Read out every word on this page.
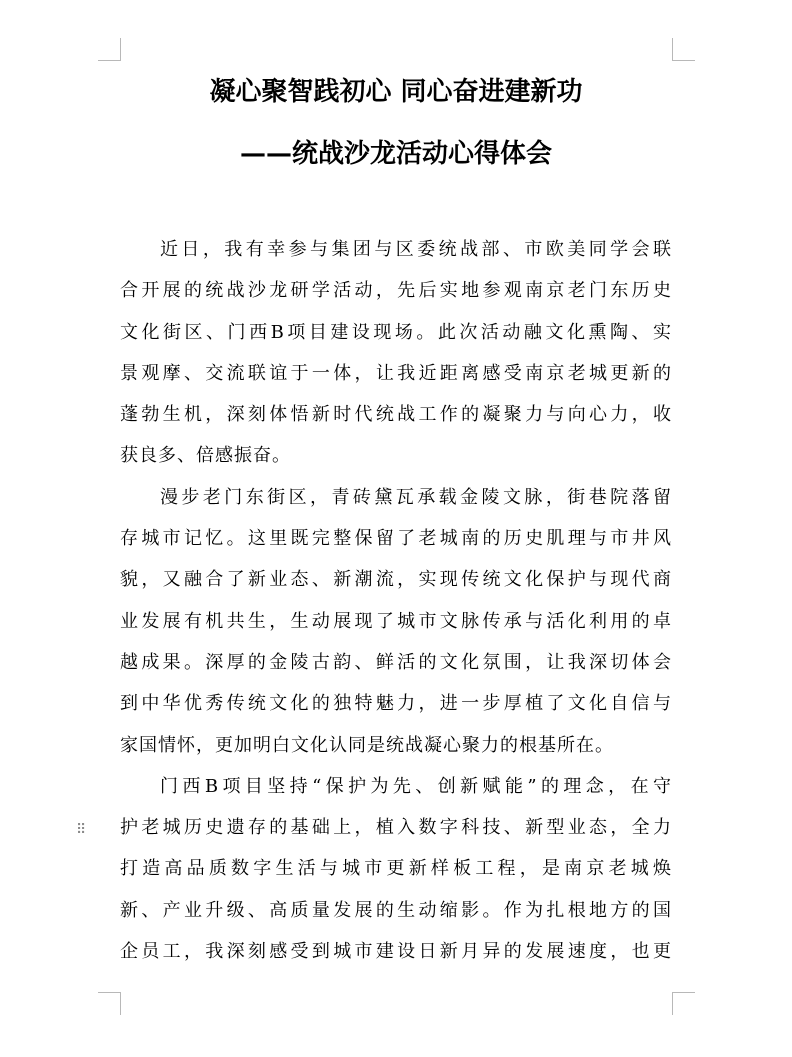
⠿
凝心聚智践初心 同心奋进建新功
——统战沙龙活动心得体会
近日，我有幸参与集团与区委统战部、市欧美同学会联
合开展的统战沙龙研学活动，先后实地参观南京老门东历史
文化街区、门西B项目建设现场。此次活动融文化熏陶、实
景观摩、交流联谊于一体，让我近距离感受南京老城更新的
蓬勃生机，深刻体悟新时代统战工作的凝聚力与向心力，收
获良多、倍感振奋。
漫步老门东街区，青砖黛瓦承载金陵文脉，街巷院落留
存城市记忆。这里既完整保留了老城南的历史肌理与市井风
貌，又融合了新业态、新潮流，实现传统文化保护与现代商
业发展有机共生，生动展现了城市文脉传承与活化利用的卓
越成果。深厚的金陵古韵、鲜活的文化氛围，让我深切体会
到中华优秀传统文化的独特魅力，进一步厚植了文化自信与
家国情怀，更加明白文化认同是统战凝心聚力的根基所在。
门西B项目坚持“保护为先、创新赋能”的理念，在守
护老城历史遗存的基础上，植入数字科技、新型业态，全力
打造高品质数字生活与城市更新样板工程，是南京老城焕
新、产业升级、高质量发展的生动缩影。作为扎根地方的国
企员工，我深刻感受到城市建设日新月异的发展速度，也更
